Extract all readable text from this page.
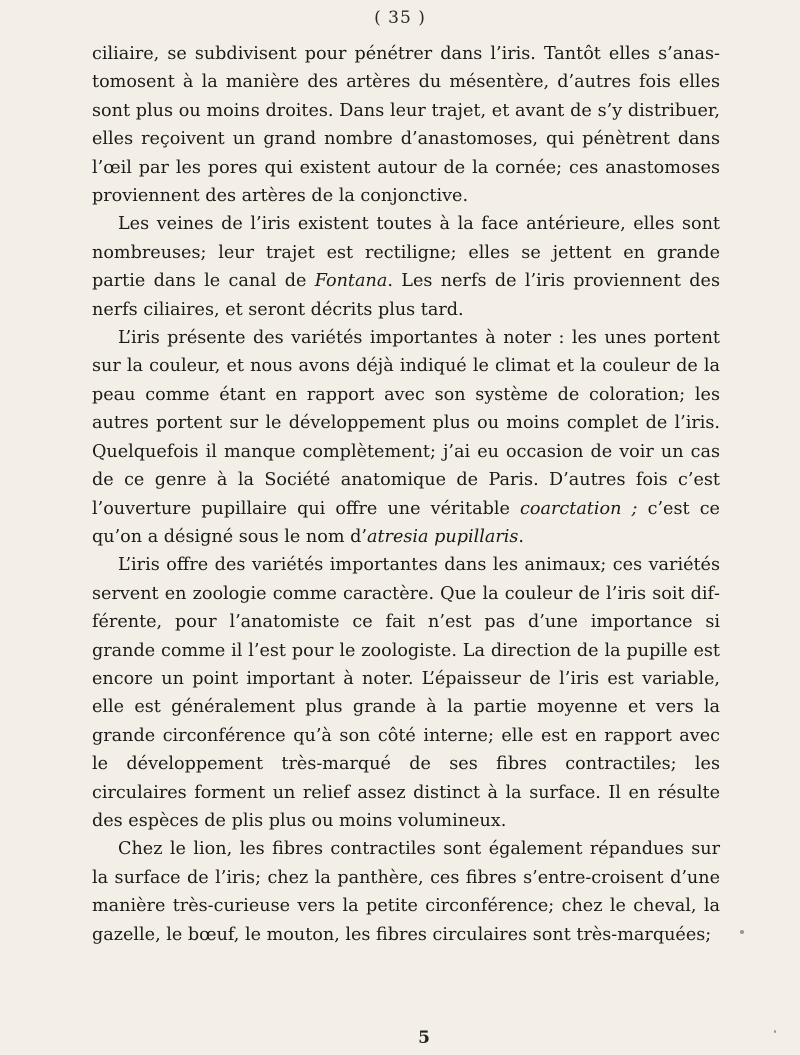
( 35 )

ciliaire, se subdivisent pour pénétrer dans l’iris. Tantôt elles s’anastomosent à la manière des artères du mésentère, d’autres fois elles sont plus ou moins droites. Dans leur trajet, et avant de s’y distribuer, elles reçoivent un grand nombre d’anastomoses, qui pénètrent dans l’œil par les pores qui existent autour de la cornée; ces anastomoses proviennent des artères de la conjonctive.

Les veines de l’iris existent toutes à la face antérieure, elles sont nombreuses; leur trajet est rectiligne; elles se jettent en grande partie dans le canal de Fontana. Les nerfs de l’iris proviennent des nerfs ciliaires, et seront décrits plus tard.

L’iris présente des variétés importantes à noter : les unes portent sur la couleur, et nous avons déjà indiqué le climat et la couleur de la peau comme étant en rapport avec son système de coloration; les autres portent sur le développement plus ou moins complet de l’iris. Quelquefois il manque complètement; j’ai eu occasion de voir un cas de ce genre à la Société anatomique de Paris. D’autres fois c’est l’ouverture pupillaire qui offre une véritable coarctation ; c’est ce qu’on a désigné sous le nom d’atresia pupillaris.

L’iris offre des variétés importantes dans les animaux; ces variétés servent en zoologie comme caractère. Que la couleur de l’iris soit différente, pour l’anatomiste ce fait n’est pas d’une importance si grande comme il l’est pour le zoologiste. La direction de la pupille est encore un point important à noter. L’épaisseur de l’iris est variable, elle est généralement plus grande à la partie moyenne et vers la grande circonférence qu’à son côté interne; elle est en rapport avec le développement très-marqué de ses fibres contractiles; les circulaires forment un relief assez distinct à la surface. Il en résulte des espèces de plis plus ou moins volumineux.

Chez le lion, les fibres contractiles sont également répandues sur la surface de l’iris; chez la panthère, ces fibres s’entre-croisent d’une manière très-curieuse vers la petite circonférence; chez le cheval, la gazelle, le bœuf, le mouton, les fibres circulaires sont très-marquées;

5
